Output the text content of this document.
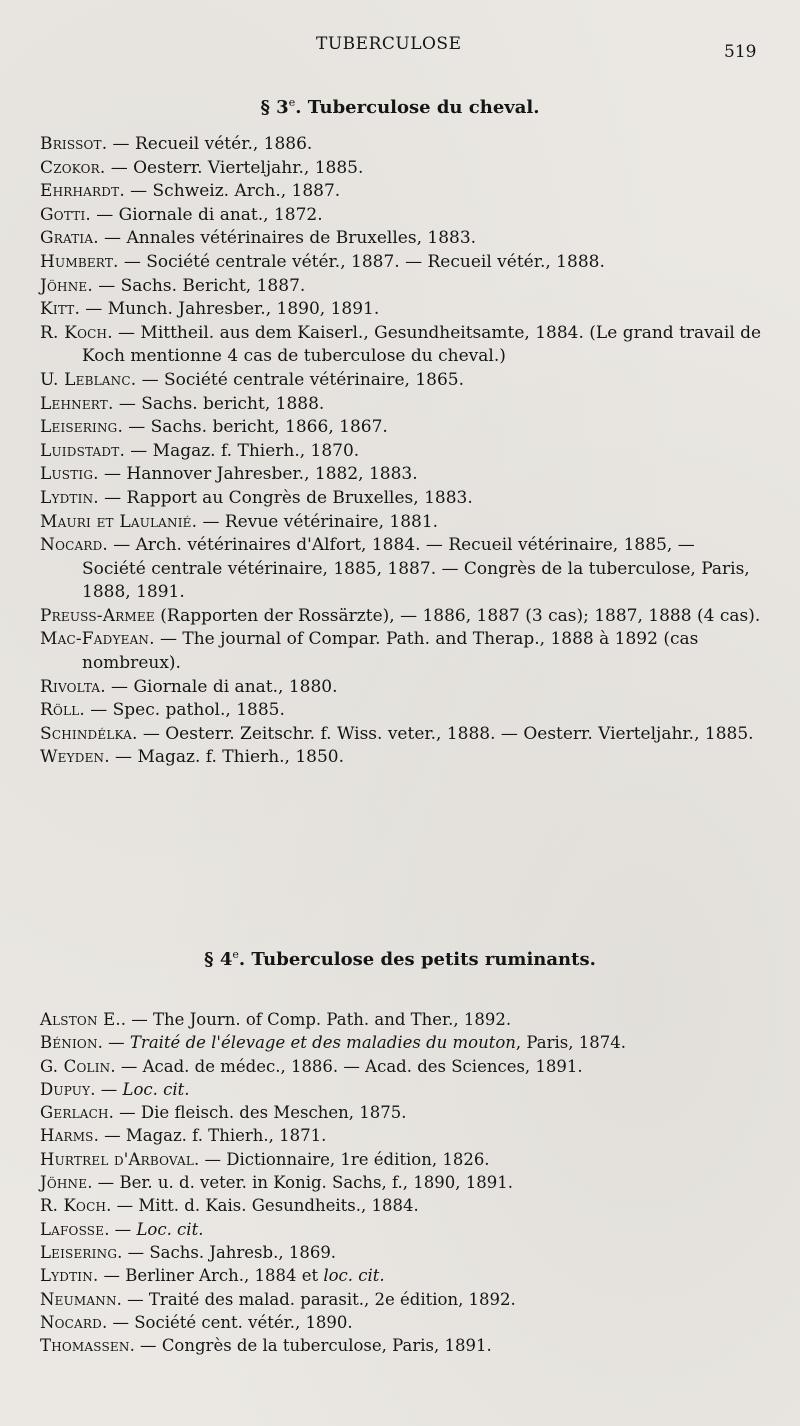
TUBERCULOSE	519
§ 3e. Tuberculose du cheval.

Brissot. — Recueil vétér., 1886.

Czokor. — Oesterr. Vierteljahr., 1885.

Ehrhardt. — Schweiz. Arch., 1887.

Gotti. — Giornale di anat., 1872.

Gratia. — Annales vétérinaires de Bruxelles, 1883.

Humbert. — Société centrale vétér., 1887. — Recueil vétér., 1888.

Jöhne. — Sachs. Bericht, 1887.

Kitt. — Munch. Jahresber., 1890, 1891.

R. Koch. — Mittheil. aus dem Kaiserl., Gesundheitsamte, 1884. (Le grand travail de Koch mentionne 4 cas de tuberculose du cheval.)

U. Leblanc. — Société centrale vétérinaire, 1865.

Lehnert. — Sachs. bericht, 1888.

Leisering. — Sachs. bericht, 1866, 1867.

Luidstadt. — Magaz. f. Thierh., 1870.

Lustig. — Hannover Jahresber., 1882, 1883.

Lydtin. — Rapport au Congrès de Bruxelles, 1883.

Mauri et Laulanié. — Revue vétérinaire, 1881.

Nocard. — Arch. vétérinaires d'Alfort, 1884. — Recueil vétérinaire, 1885, — Société centrale vétérinaire, 1885, 1887. — Congrès de la tuberculose, Paris, 1888, 1891.

Preuss-Armee (Rapporten der Rossärzte), — 1886, 1887 (3 cas); 1887, 1888 (4 cas).

Mac-Fadyean. — The journal of Compar. Path. and Therap., 1888 à 1892 (cas nombreux).

Rivolta. — Giornale di anat., 1880.

Röll. — Spec. pathol., 1885.

Schindélka. — Oesterr. Zeitschr. f. Wiss. veter., 1888. — Oesterr. Vierteljahr., 1885.

Weyden. — Magaz. f. Thierh., 1850.

§ 4e. Tuberculose des petits ruminants.

Alston E.. — The Journ. of Comp. Path. and Ther., 1892.

Bénion. — Traité de l'élevage et des maladies du mouton, Paris, 1874.

G. Colin. — Acad. de médec., 1886. — Acad. des Sciences, 1891.

Dupuy. — Loc. cit.

Gerlach. — Die fleisch. des Meschen, 1875.

Harms. — Magaz. f. Thierh., 1871.

Hurtrel d'Arboval. — Dictionnaire, 1re édition, 1826.

Jöhne. — Ber. u. d. veter. in Konig. Sachs, f., 1890, 1891.

R. Koch. — Mitt. d. Kais. Gesundheits., 1884.

Lafosse. — Loc. cit.

Leisering. — Sachs. Jahresb., 1869.

Lydtin. — Berliner Arch., 1884 et loc. cit.

Neumann. — Traité des malad. parasit., 2e édition, 1892.

Nocard. — Société cent. vétér., 1890.

Thomassen. — Congrès de la tuberculose, Paris, 1891.
